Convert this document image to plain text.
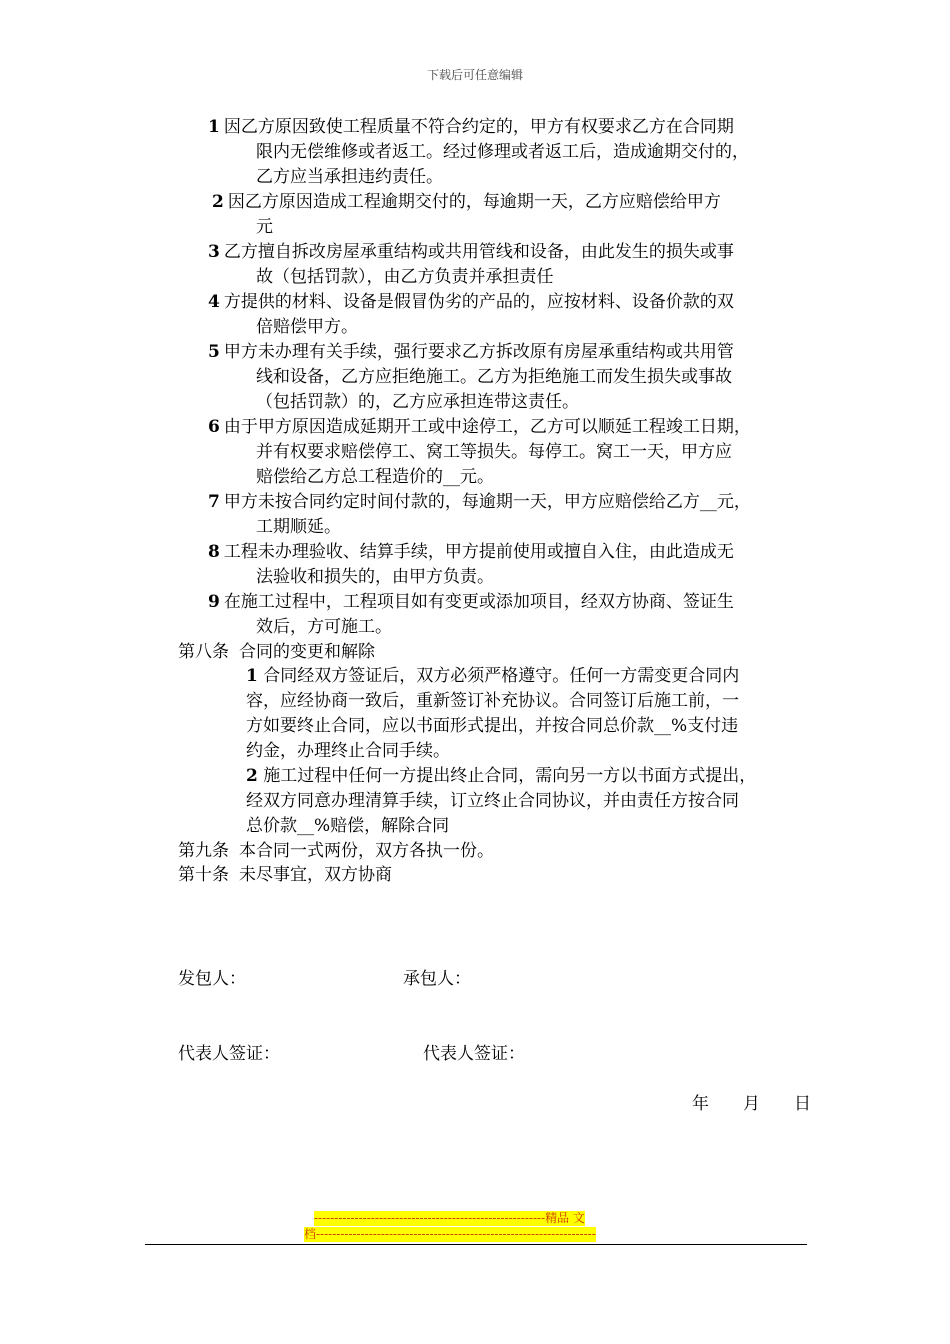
下载后可任意编辑
1 因乙方原因致使工程质量不符合约定的，甲方有权要求乙方在合同期
限内无偿维修或者返工。经过修理或者返工后，造成逾期交付的，
乙方应当承担违约责任。
2 因乙方原因造成工程逾期交付的，每逾期一天，乙方应赔偿给甲方
元
3 乙方擅自拆改房屋承重结构或共用管线和设备，由此发生的损失或事
故（包括罚款），由乙方负责并承担责任
4 方提供的材料、设备是假冒伪劣的产品的，应按材料、设备价款的双
倍赔偿甲方。
5 甲方未办理有关手续，强行要求乙方拆改原有房屋承重结构或共用管
线和设备，乙方应拒绝施工。乙方为拒绝施工而发生损失或事故
（包括罚款）的，乙方应承担连带这责任。
6 由于甲方原因造成延期开工或中途停工，乙方可以顺延工程竣工日期，
并有权要求赔偿停工、窝工等损失。每停工。窝工一天，甲方应
赔偿给乙方总工程造价的__元。
7 甲方未按合同约定时间付款的，每逾期一天，甲方应赔偿给乙方__元，
工期顺延。
8 工程未办理验收、结算手续，甲方提前使用或擅自入住，由此造成无
法验收和损失的，由甲方负责。
9 在施工过程中，工程项目如有变更或添加项目，经双方协商、签证生
效后，方可施工。
第八条 合同的变更和解除
1 合同经双方签证后，双方必须严格遵守。任何一方需变更合同内
容，应经协商一致后，重新签订补充协议。合同签订后施工前，一
方如要终止合同，应以书面形式提出，并按合同总价款__%支付违
约金，办理终止合同手续。
2 施工过程中任何一方提出终止合同，需向另一方以书面方式提出，
经双方同意办理清算手续，订立终止合同协议，并由责任方按合同
总价款__%赔偿，解除合同
第九条 本合同一式两份，双方各执一份。
第十条 未尽事宜，双方协商
发包人：	承包人：
代表人签证：	代表人签证：
年　　月　　日
---------------------------------------------------------精品 文
档---------------------------------------------------------------------
